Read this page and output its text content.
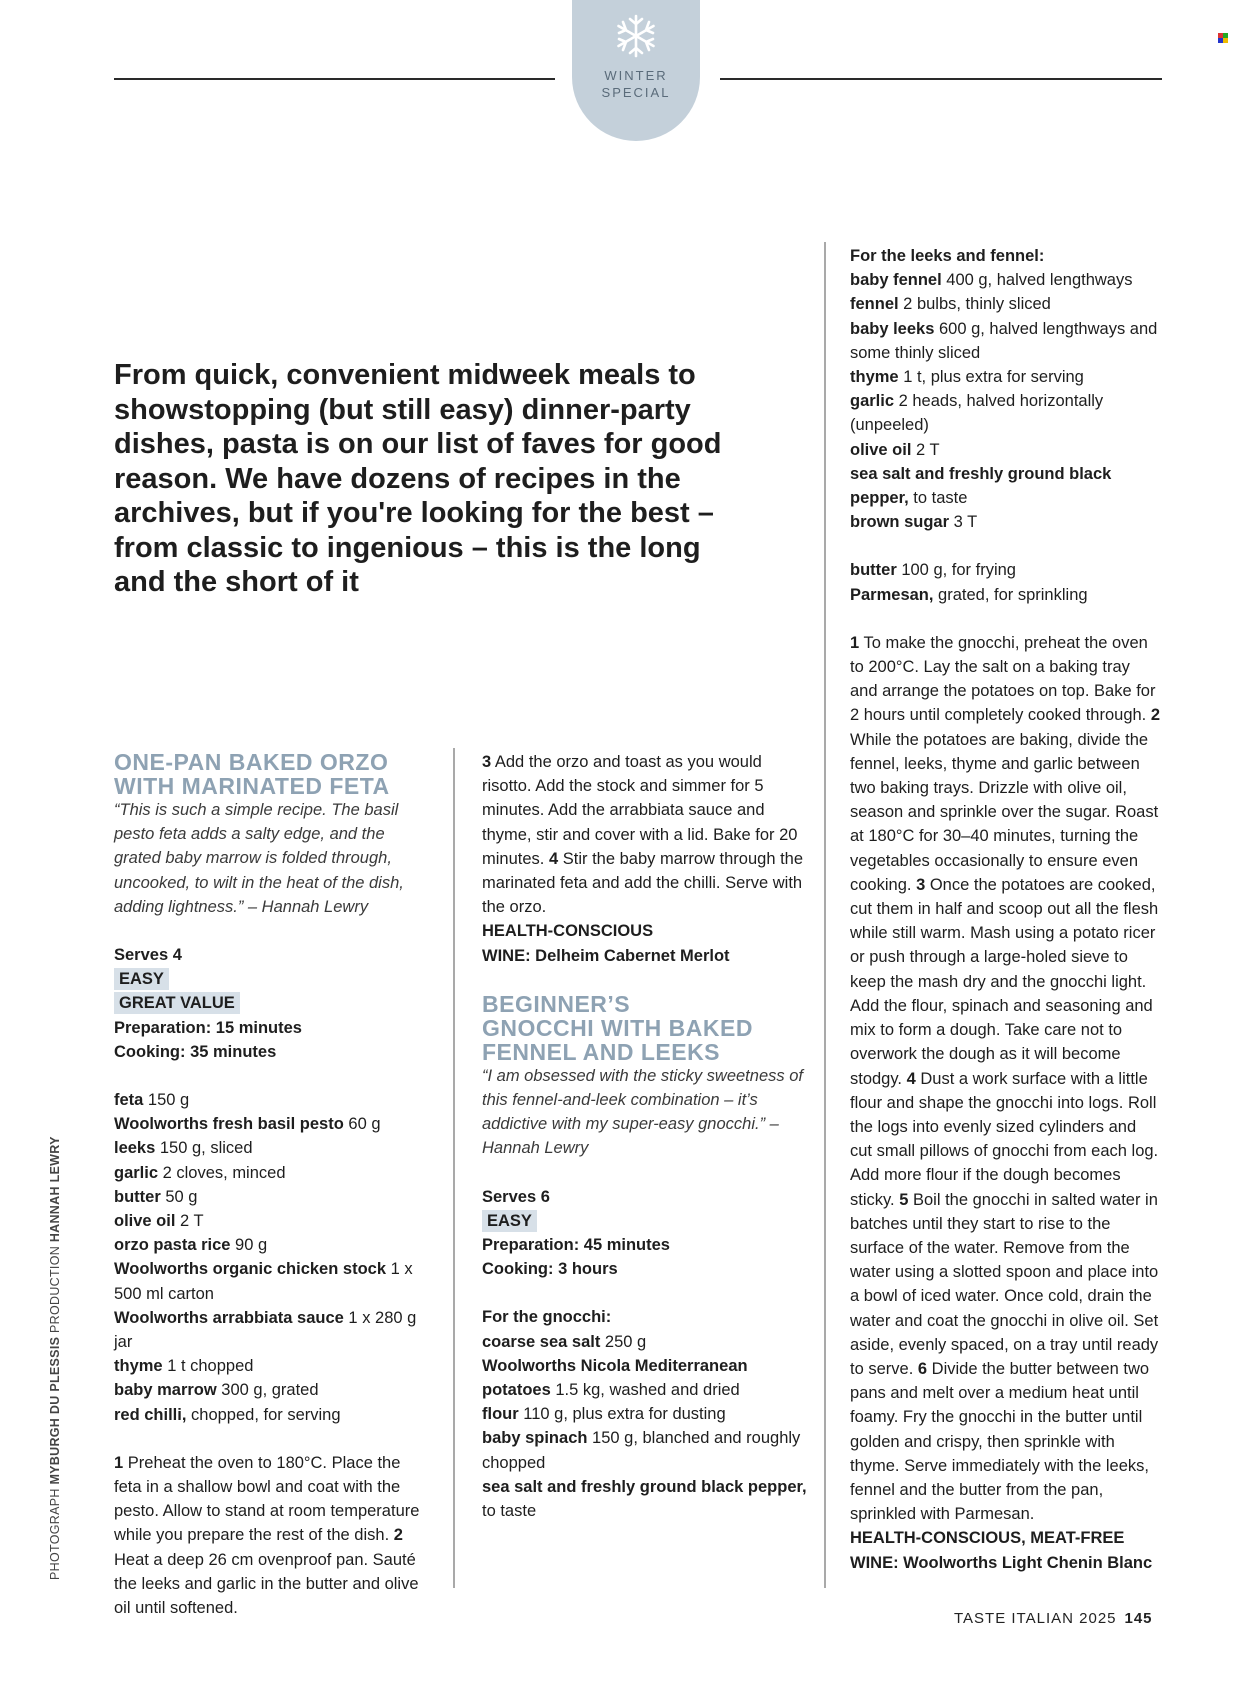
WINTER
SPECIAL
From quick, convenient midweek meals to showstopping (but still easy) dinner-party dishes, pasta is on our list of faves for good reason. We have dozens of recipes in the archives, but if you're looking for the best – from classic to ingenious – this is the long and the short of it
ONE-PAN BAKED ORZO
WITH MARINATED FETA

“This is such a simple recipe. The basil pesto feta adds a salty edge, and the grated baby marrow is folded through, uncooked, to wilt in the heat of the dish, adding lightness.” – Hannah Lewry

Serves 4

EASY

GREAT VALUE

Preparation: 15 minutes

Cooking: 35 minutes

feta 150 g

Woolworths fresh basil pesto 60 g

leeks 150 g, sliced

garlic 2 cloves, minced

butter 50 g

olive oil 2 T

orzo pasta rice 90 g

Woolworths organic chicken stock 1 x 500 ml carton

Woolworths arrabbiata sauce 1 x 280 g jar

thyme 1 t chopped

baby marrow 300 g, grated

red chilli, chopped, for serving

1 Preheat the oven to 180°C. Place the feta in a shallow bowl and coat with the pesto. Allow to stand at room temperature while you prepare the rest of the dish. 2 Heat a deep 26 cm ovenproof pan. Sauté the leeks and garlic in the butter and olive oil until softened.

3 Add the orzo and toast as you would risotto. Add the stock and simmer for 5 minutes. Add the arrabbiata sauce and thyme, stir and cover with a lid. Bake for 20 minutes. 4 Stir the baby marrow through the marinated feta and add the chilli. Serve with the orzo.

HEALTH-CONSCIOUS

WINE: Delheim Cabernet Merlot

BEGINNER’S
GNOCCHI WITH BAKED
FENNEL AND LEEKS

“I am obsessed with the sticky sweetness of this fennel-and-leek combination – it’s addictive with my super-easy gnocchi.” – Hannah Lewry

Serves 6

EASY

Preparation: 45 minutes

Cooking: 3 hours

For the gnocchi:

coarse sea salt 250 g

Woolworths Nicola Mediterranean potatoes 1.5 kg, washed and dried

flour 110 g, plus extra for dusting

baby spinach 150 g, blanched and roughly chopped

sea salt and freshly ground black pepper, to taste

For the leeks and fennel:

baby fennel 400 g, halved lengthways

fennel 2 bulbs, thinly sliced

baby leeks 600 g, halved lengthways and some thinly sliced

thyme 1 t, plus extra for serving

garlic 2 heads, halved horizontally (unpeeled)

olive oil 2 T

sea salt and freshly ground black pepper, to taste

brown sugar 3 T

butter 100 g, for frying

Parmesan, grated, for sprinkling

1 To make the gnocchi, preheat the oven to 200°C. Lay the salt on a baking tray and arrange the potatoes on top. Bake for 2 hours until completely cooked through. 2 While the potatoes are baking, divide the fennel, leeks, thyme and garlic between two baking trays. Drizzle with olive oil, season and sprinkle over the sugar. Roast at 180°C for 30–40 minutes, turning the vegetables occasionally to ensure even cooking. 3 Once the potatoes are cooked, cut them in half and scoop out all the flesh while still warm. Mash using a potato ricer or push through a large-holed sieve to keep the mash dry and the gnocchi light. Add the flour, spinach and seasoning and mix to form a dough. Take care not to overwork the dough as it will become stodgy. 4 Dust a work surface with a little flour and shape the gnocchi into logs. Roll the logs into evenly sized cylinders and cut small pillows of gnocchi from each log. Add more flour if the dough becomes sticky. 5 Boil the gnocchi in salted water in batches until they start to rise to the surface of the water. Remove from the water using a slotted spoon and place into a bowl of iced water. Once cold, drain the water and coat the gnocchi in olive oil. Set aside, evenly spaced, on a tray until ready to serve. 6 Divide the butter between two pans and melt over a medium heat until foamy. Fry the gnocchi in the butter until golden and crispy, then sprinkle with thyme. Serve immediately with the leeks, fennel and the butter from the pan, sprinkled with Parmesan.

HEALTH-CONSCIOUS, MEAT-FREE

WINE: Woolworths Light Chenin Blanc

PHOTOGRAPH MYBURGH DU PLESSIS PRODUCTION HANNAH LEWRY
TASTE ITALIAN 2025 145
